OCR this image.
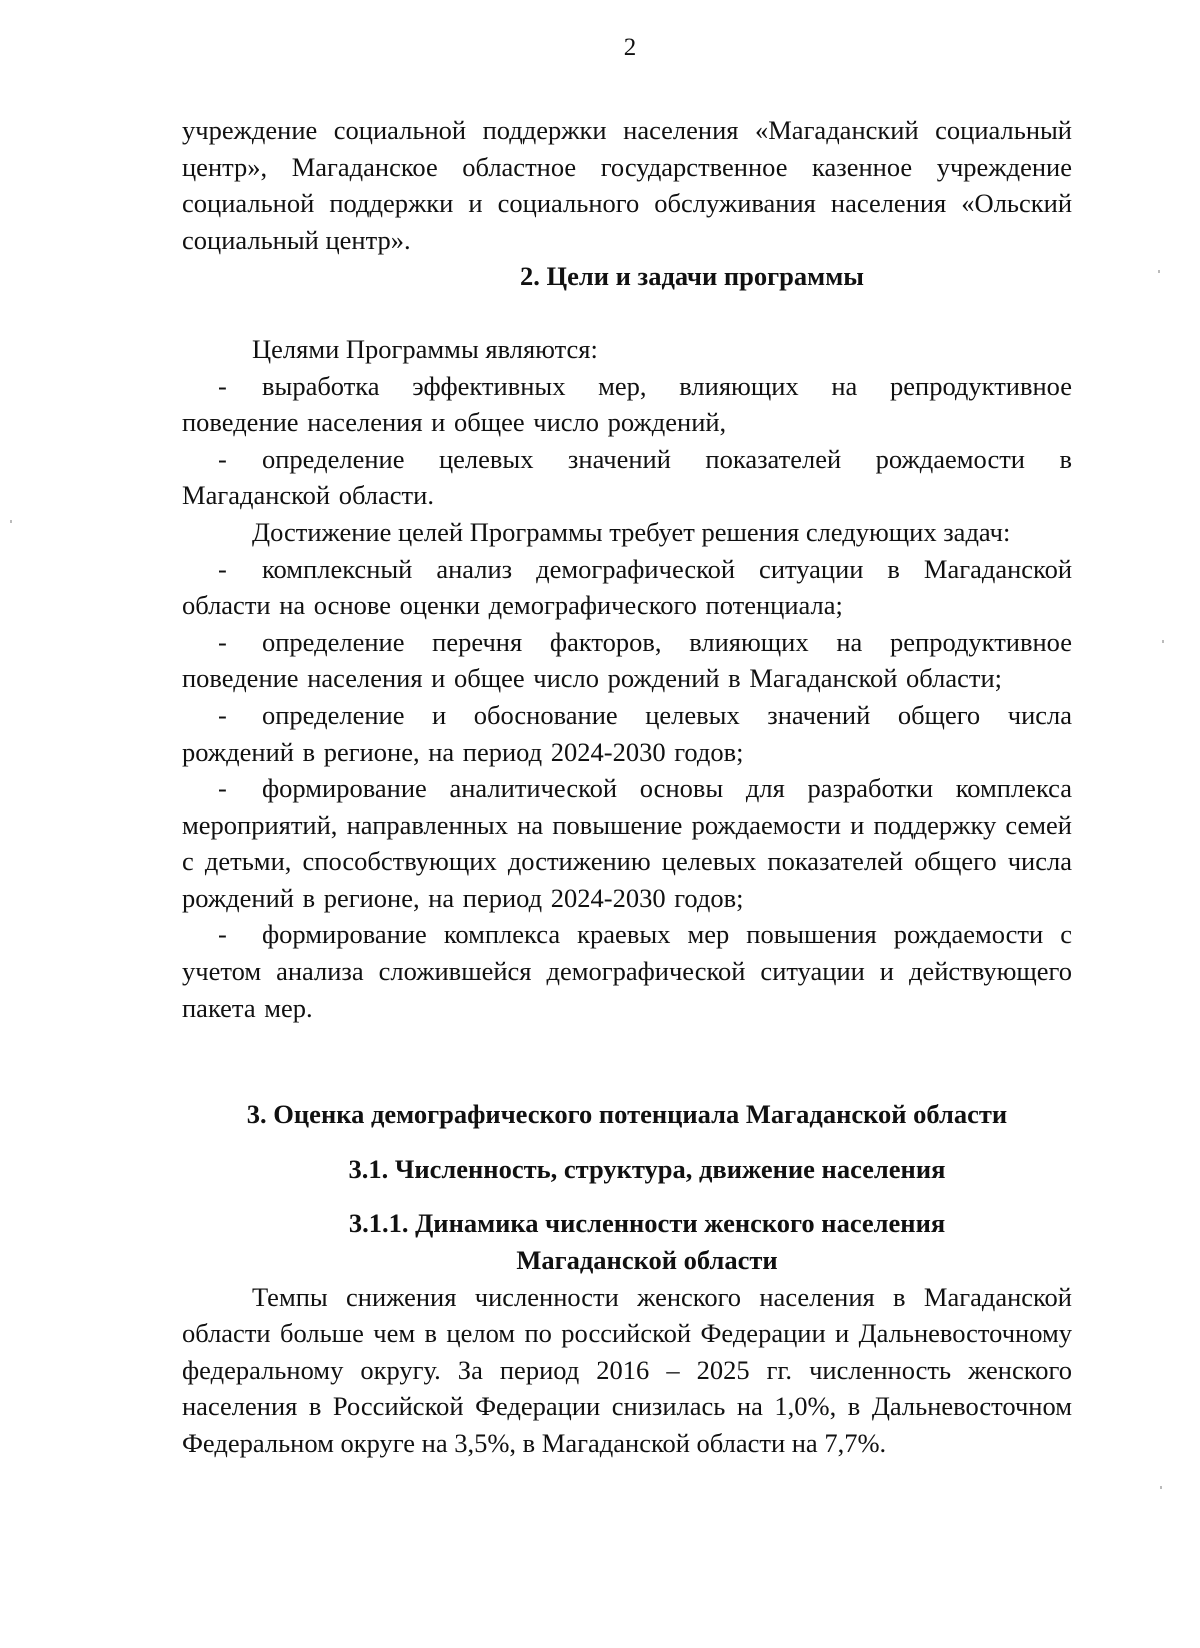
2

учреждение социальной поддержки населения «Магаданский социальный центр», Магаданское областное государственное казенное учреждение социальной поддержки и социального обслуживания населения «Ольский социальный центр».

2. Цели и задачи программы

Целями Программы являются:

- выработка эффективных мер, влияющих на репродуктивное поведение населения и общее число рождений,

- определение целевых значений показателей рождаемости в Магаданской области.

Достижение целей Программы требует решения следующих задач:

- комплексный анализ демографической ситуации в Магаданской области на основе оценки демографического потенциала;

- определение перечня факторов, влияющих на репродуктивное поведение населения и общее число рождений в Магаданской области;

- определение и обоснование целевых значений общего числа рождений в регионе, на период 2024-2030 годов;

- формирование аналитической основы для разработки комплекса мероприятий, направленных на повышение рождаемости и поддержку семей с детьми, способствующих достижению целевых показателей общего числа рождений в регионе, на период 2024-2030 годов;

- формирование комплекса краевых мер повышения рождаемости с учетом анализа сложившейся демографической ситуации и действующего пакета мер.

3. Оценка демографического потенциала Магаданской области

3.1. Численность, структура, движение населения

3.1.1. Динамика численности женского населения

Магаданской области

Темпы снижения численности женского населения в Магаданской области больше чем в целом по российской Федерации и Дальневосточному федеральному округу. За период 2016 – 2025 гг. численность женского населения в Российской Федерации снизилась на 1,0%, в Дальневосточном Федеральном округе на 3,5%, в Магаданской области на 7,7%.
